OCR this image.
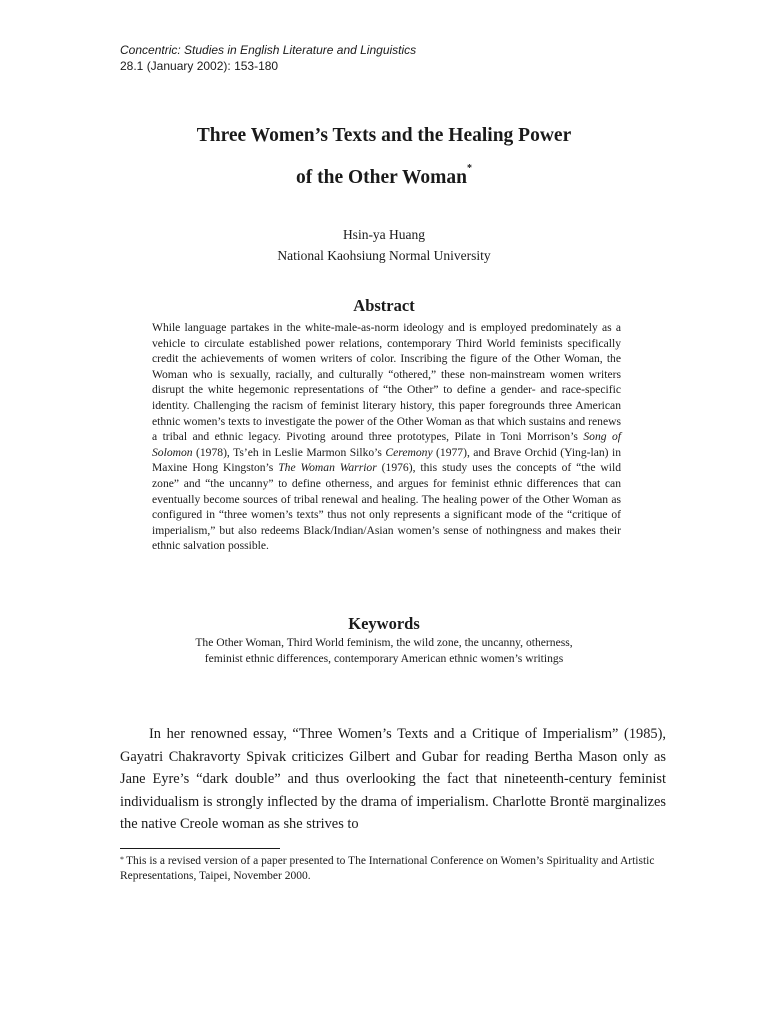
Concentric: Studies in English Literature and Linguistics
28.1 (January 2002): 153-180
Three Women’s Texts and the Healing Power
of the Other Woman*
Hsin-ya Huang
National Kaohsiung Normal University
Abstract

While language partakes in the white-male-as-norm ideology and is employed predominately as a vehicle to circulate established power relations, contemporary Third World feminists specifically credit the achievements of women writers of color. Inscribing the figure of the Other Woman, the Woman who is sexually, racially, and culturally “othered,” these non-mainstream women writers disrupt the white hegemonic representations of “the Other” to define a gender- and race-specific identity. Challenging the racism of feminist literary history, this paper foregrounds three American ethnic women’s texts to investigate the power of the Other Woman as that which sustains and renews a tribal and ethnic legacy. Pivoting around three prototypes, Pilate in Toni Morrison’s Song of Solomon (1978), Ts’eh in Leslie Marmon Silko’s Ceremony (1977), and Brave Orchid (Ying-lan) in Maxine Hong Kingston’s The Woman Warrior (1976), this study uses the concepts of “the wild zone” and “the uncanny” to define otherness, and argues for feminist ethnic differences that can eventually become sources of tribal renewal and healing. The healing power of the Other Woman as configured in “three women’s texts” thus not only represents a significant mode of the “critique of imperialism,” but also redeems Black/Indian/Asian women’s sense of nothingness and makes their ethnic salvation possible.

Keywords
The Other Woman, Third World feminism, the wild zone, the uncanny, otherness,
feminist ethnic differences, contemporary American ethnic women’s writings

In her renowned essay, “Three Women’s Texts and a Critique of Imperialism” (1985), Gayatri Chakravorty Spivak criticizes Gilbert and Gubar for reading Bertha Mason only as Jane Eyre’s “dark double” and thus overlooking the fact that nineteenth-century feminist individualism is strongly inflected by the drama of imperialism. Charlotte Brontë marginalizes the native Creole woman as she strives to

* This is a revised version of a paper presented to The International Conference on Women’s Spirituality and Artistic Representations, Taipei, November 2000.
